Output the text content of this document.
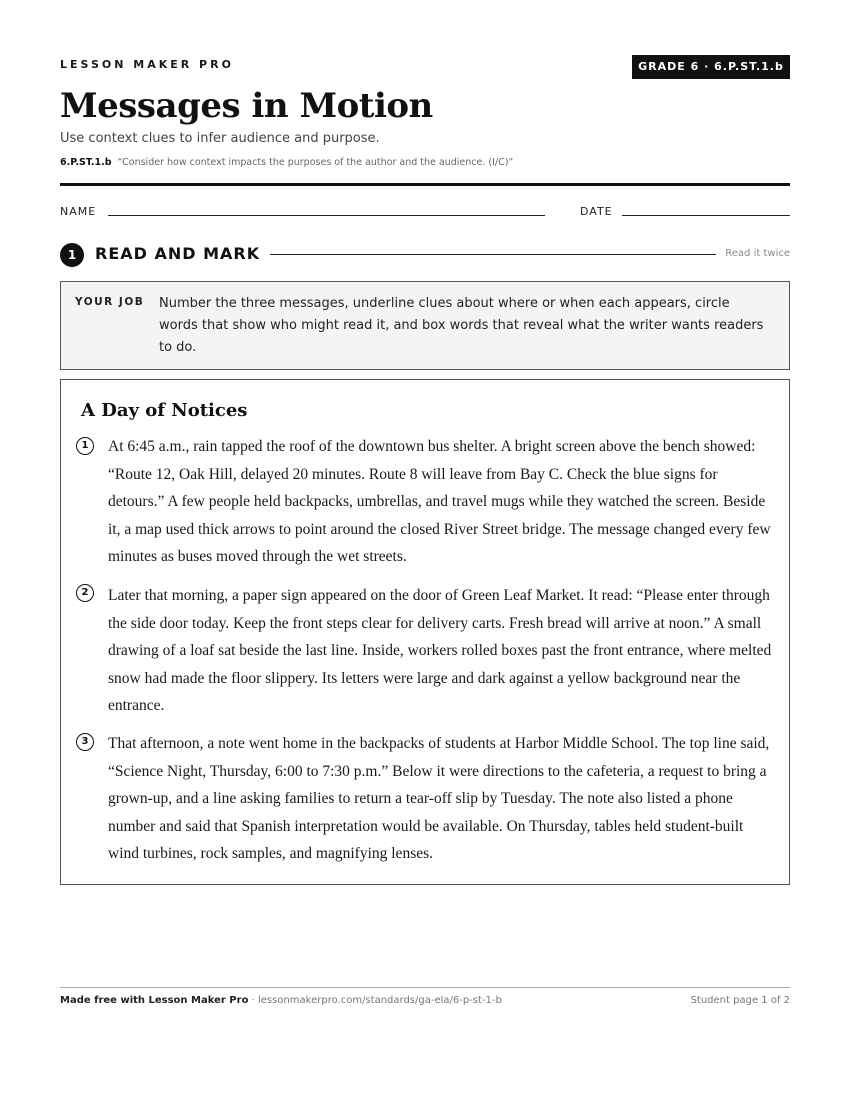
LESSON MAKER PRO	GRADE 6 · 6.P.ST.1.b
Messages in Motion
Use context clues to infer audience and purpose.
6.P.ST.1.b “Consider how context impacts the purposes of the author and the audience. (I/C)”
NAME	DATE
1	READ AND MARK	Read it twice
YOUR JOB Number the three messages, underline clues about where or when each appears, circle words that show who might read it, and box words that reveal what the writer wants readers to do.
A Day of Notices
1	At 6:45 a.m., rain tapped the roof of the downtown bus shelter. A bright screen above the bench showed: “Route 12, Oak Hill, delayed 20 minutes. Route 8 will leave from Bay C. Check the blue signs for detours.” A few people held backpacks, umbrellas, and travel mugs while they watched the screen. Beside it, a map used thick arrows to point around the closed River Street bridge. The message changed every few minutes as buses moved through the wet streets.

2	Later that morning, a paper sign appeared on the door of Green Leaf Market. It read: “Please enter through the side door today. Keep the front steps clear for delivery carts. Fresh bread will arrive at noon.” A small drawing of a loaf sat beside the last line. Inside, workers rolled boxes past the front entrance, where melted snow had made the floor slippery. Its letters were large and dark against a yellow background near the entrance.

3	That afternoon, a note went home in the backpacks of students at Harbor Middle School. The top line said, “Science Night, Thursday, 6:00 to 7:30 p.m.” Below it were directions to the cafeteria, a request to bring a grown-up, and a line asking families to return a tear-off slip by Tuesday. The note also listed a phone number and said that Spanish interpretation would be available. On Thursday, tables held student-built wind turbines, rock samples, and magnifying lenses.

Made free with Lesson Maker Pro · lessonmakerpro.com/standards/ga-ela/6-p-st-1-b	Student page 1 of 2
